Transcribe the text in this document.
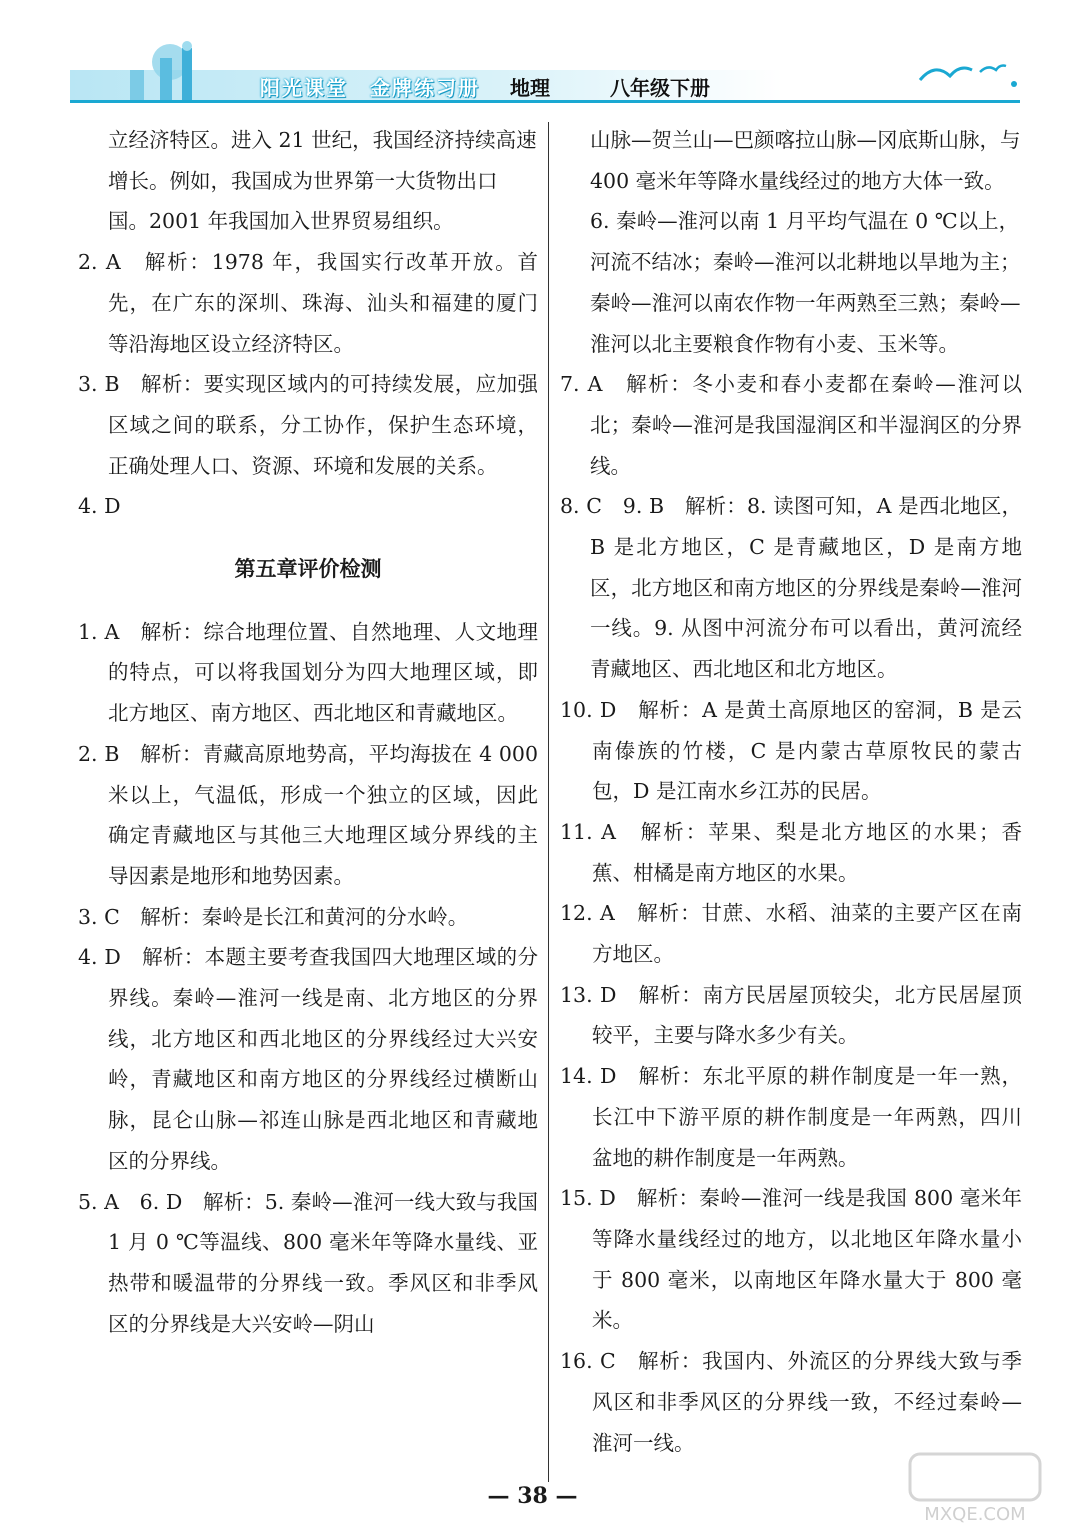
阳光课堂 金牌练习册	地理	八年级下册

立经济特区。进入 21 世纪，我国经济持续高速增长。例如，我国成为世界第一大货物出口国。2001 年我国加入世界贸易组织。

2. A　解析：1978 年，我国实行改革开放。首先，在广东的深圳、珠海、汕头和福建的厦门等沿海地区设立经济特区。

3. B　解析：要实现区域内的可持续发展，应加强区域之间的联系，分工协作，保护生态环境，正确处理人口、资源、环境和发展的关系。

4. D

第五章评价检测

1. A　解析：综合地理位置、自然地理、人文地理的特点，可以将我国划分为四大地理区域，即北方地区、南方地区、西北地区和青藏地区。

2. B　解析：青藏高原地势高，平均海拔在 4 000 米以上，气温低，形成一个独立的区域，因此确定青藏地区与其他三大地理区域分界线的主导因素是地形和地势因素。

3. C　解析：秦岭是长江和黄河的分水岭。

4. D　解析：本题主要考查我国四大地理区域的分界线。秦岭—淮河一线是南、北方地区的分界线，北方地区和西北地区的分界线经过大兴安岭，青藏地区和南方地区的分界线经过横断山脉，昆仑山脉—祁连山脉是西北地区和青藏地区的分界线。

5. A　6. D　解析：5. 秦岭—淮河一线大致与我国 1 月 0 ℃等温线、800 毫米年等降水量线、亚热带和暖温带的分界线一致。季风区和非季风区的分界线是大兴安岭—阴山

山脉—贺兰山—巴颜喀拉山脉—冈底斯山脉，与 400 毫米年等降水量线经过的地方大体一致。6. 秦岭—淮河以南 1 月平均气温在 0 ℃以上，河流不结冰；秦岭—淮河以北耕地以旱地为主；秦岭—淮河以南农作物一年两熟至三熟；秦岭—淮河以北主要粮食作物有小麦、玉米等。

7. A　解析：冬小麦和春小麦都在秦岭—淮河以北；秦岭—淮河是我国湿润区和半湿润区的分界线。

8. C　9. B　解析：8. 读图可知，A 是西北地区，B 是北方地区，C 是青藏地区，D 是南方地区，北方地区和南方地区的分界线是秦岭—淮河一线。9. 从图中河流分布可以看出，黄河流经青藏地区、西北地区和北方地区。

10. D　解析：A 是黄土高原地区的窑洞，B 是云南傣族的竹楼，C 是内蒙古草原牧民的蒙古包，D 是江南水乡江苏的民居。

11. A　解析：苹果、梨是北方地区的水果；香蕉、柑橘是南方地区的水果。

12. A　解析：甘蔗、水稻、油菜的主要产区在南方地区。

13. D　解析：南方民居屋顶较尖，北方民居屋顶较平，主要与降水多少有关。

14. D　解析：东北平原的耕作制度是一年一熟，长江中下游平原的耕作制度是一年两熟，四川盆地的耕作制度是一年两熟。

15. D　解析：秦岭—淮河一线是我国 800 毫米年等降水量线经过的地方，以北地区年降水量小于 800 毫米，以南地区年降水量大于 800 毫米。

16. C　解析：我国内、外流区的分界线大致与季风区和非季风区的分界线一致，不经过秦岭—淮河一线。

— 38 —
MXQE.COM
